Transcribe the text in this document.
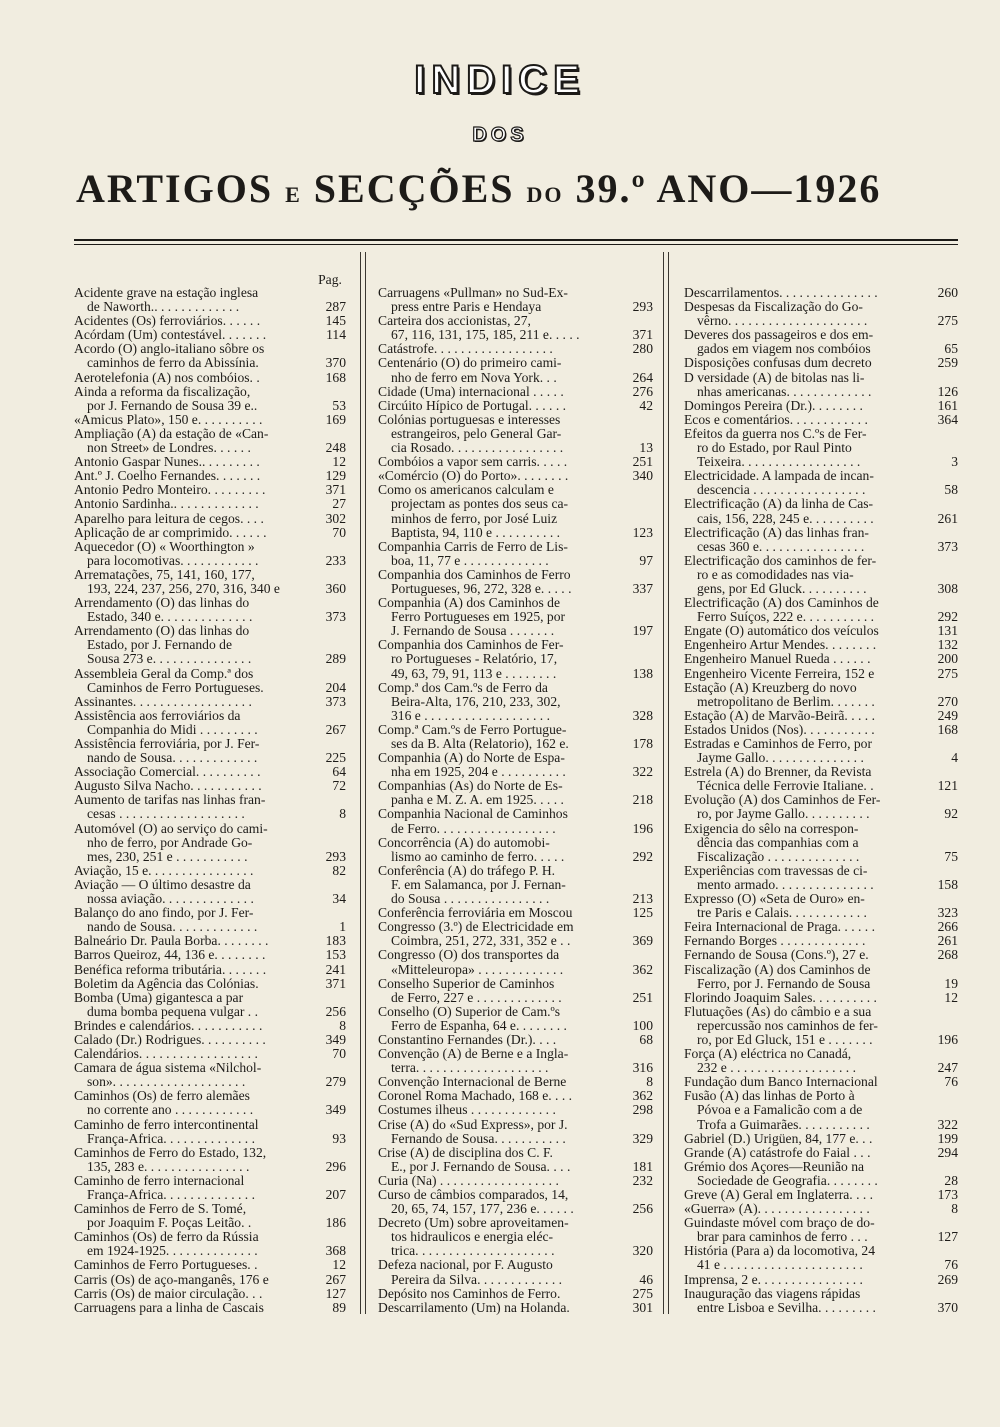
INDICE
DOS
ARTIGOS E SECÇÕES DO 39.º ANO—1926
Pag.
Acidente grave na estação inglesa
de Naworth.. . . . . . . . . . . . .	287
Acidentes (Os) ferroviários. . . . . .	145
Acórdam (Um) contestável. . . . . . .	114
Acordo (O) anglo-italiano sôbre os
caminhos de ferro da Abissínia.	370
Aerotelefonia (A) nos combóios. .	168
Ainda a reforma da fiscalização,
por J. Fernando de Sousa 39 e..	53
«Amicus Plato», 150 e. . . . . . . . . .	169
Ampliação (A) da estação de «Can-
non Street» de Londres. . . . . .	248
Antonio Gaspar Nunes.. . . . . . . . .	12
Ant.º J. Coelho Fernandes. . . . . . .	129
Antonio Pedro Monteiro. . . . . . . . .	371
Antonio Sardinha.. . . . . . . . . . . . .	27
Aparelho para leitura de cegos. . . .	302
Aplicação de ar comprimido. . . . . .	70
Aquecedor (O) « Woorthington »
para locomotivas. . . . . . . . . . . .	233
Arrematações, 75, 141, 160, 177,
193, 224, 237, 256, 270, 316, 340 e	360
Arrendamento (O) das linhas do
Estado, 340 e. . . . . . . . . . . . . .	373
Arrendamento (O) das linhas do
Estado, por J. Fernando de
Sousa 273 e. . . . . . . . . . . . . . .	289
Assembleia Geral da Comp.ª dos
Caminhos de Ferro Portugueses.	204
Assinantes. . . . . . . . . . . . . . . . . .	373
Assistência aos ferroviários da
Companhia do Midi . . . . . . . . .	267
Assistência ferroviária, por J. Fer-
nando de Sousa. . . . . . . . . . . . .	225
Associação Comercial. . . . . . . . . .	64
Augusto Silva Nacho. . . . . . . . . . .	72
Aumento de tarifas nas linhas fran-
cesas . . . . . . . . . . . . . . . . . . .	8
Automóvel (O) ao serviço do cami-
nho de ferro, por Andrade Go-
mes, 230, 251 e . . . . . . . . . . .	293
Aviação, 15 e. . . . . . . . . . . . . . . .	82
Aviação — O último desastre da
nossa aviação. . . . . . . . . . . . . .	34
Balanço do ano findo, por J. Fer-
nando de Sousa. . . . . . . . . . . . .	1
Balneário Dr. Paula Borba. . . . . . . .	183
Barros Queiroz, 44, 136 e. . . . . . . .	153
Benéfica reforma tributária. . . . . . .	241
Boletim da Agência das Colónias.	371
Bomba (Uma) gigantesca a par
duma bomba pequena vulgar . .	256
Brindes e calendários. . . . . . . . . . .	8
Calado (Dr.) Rodrigues. . . . . . . . . .	349
Calendários. . . . . . . . . . . . . . . . . .	70
Camara de água sistema «Nilchol-
son». . . . . . . . . . . . . . . . . . . .	279
Caminhos (Os) de ferro alemães
no corrente ano . . . . . . . . . . . .	349
Caminho de ferro intercontinental
França-Africa. . . . . . . . . . . . . .	93
Caminhos de Ferro do Estado, 132,
135, 283 e. . . . . . . . . . . . . . . .	296
Caminho de ferro internacional
França-Africa. . . . . . . . . . . . . .	207
Caminhos de Ferro de S. Tomé,
por Joaquim F. Poças Leitão. .	186
Caminhos (Os) de ferro da Rússia
em 1924-1925. . . . . . . . . . . . . .	368
Caminhos de Ferro Portugueses. .	12
Carris (Os) de aço-manganês, 176 e	267
Carris (Os) de maior circulação. . .	127
Carruagens para a linha de Cascais	89
Carruagens «Pullman» no Sud-Ex-
press entre Paris e Hendaya	293
Carteira dos accionistas, 27,
67, 116, 131, 175, 185, 211 e. . . . .	371
Catástrofe. . . . . . . . . . . . . . . . . .	280
Centenário (O) do primeiro cami-
nho de ferro em Nova York. . .	264
Cidade (Uma) internacional . . . . .	276
Circúito Hípico de Portugal. . . . . .	42
Colónias portuguesas e interesses
estrangeiros, pelo General Gar-
cia Rosado. . . . . . . . . . . . . . . . .	13
Combóios a vapor sem carris. . . . .	251
«Comércio (O) do Porto». . . . . . . .	340
Como os americanos calculam e
projectam as pontes dos seus ca-
minhos de ferro, por José Luiz
Baptista, 94, 110 e . . . . . . . . . .	123
Companhia Carris de Ferro de Lis-
boa, 11, 77 e . . . . . . . . . . . . .	97
Companhia dos Caminhos de Ferro
Portugueses, 96, 272, 328 e. . . . .	337
Companhia (A) dos Caminhos de
Ferro Portugueses em 1925, por
J. Fernando de Sousa . . . . . . .	197
Companhia dos Caminhos de Fer-
ro Portugueses - Relatório, 17,
49, 63, 79, 91, 113 e . . . . . . . .	138
Comp.ª dos Cam.ºs de Ferro da
Beira-Alta, 176, 210, 233, 302,
316 e . . . . . . . . . . . . . . . . . . .	328
Comp.ª Cam.ºs de Ferro Portugue-
ses da B. Alta (Relatorio), 162 e.	178
Companhia (A) do Norte de Espa-
nha em 1925, 204 e . . . . . . . . . .	322
Companhias (As) do Norte de Es-
panha e M. Z. A. em 1925. . . . .	218
Companhia Nacional de Caminhos
de Ferro. . . . . . . . . . . . . . . . . .	196
Concorrência (A) do automobi-
lismo ao caminho de ferro. . . . .	292
Conferência (A) do tráfego P. H.
F. em Salamanca, por J. Fernan-
do Sousa . . . . . . . . . . . . . . . .	213
Conferência ferroviária em Moscou	125
Congresso (3.º) de Electricidade em
Coimbra, 251, 272, 331, 352 e . .	369
Congresso (O) dos transportes da
«Mitteleuropa» . . . . . . . . . . . . .	362
Conselho Superior de Caminhos
de Ferro, 227 e . . . . . . . . . . . . .	251
Conselho (O) Superior de Cam.ºs
Ferro de Espanha, 64 e. . . . . . . .	100
Constantino Fernandes (Dr.). . . .	68
Convenção (A) de Berne e a Ingla-
terra. . . . . . . . . . . . . . . . . . . .	316
Convenção Internacional de Berne	8
Coronel Roma Machado, 168 e. . . .	362
Costumes ilheus . . . . . . . . . . . . .	298
Crise (A) do «Sud Express», por J.
Fernando de Sousa. . . . . . . . . . .	329
Crise (A) de disciplina dos C. F.
E., por J. Fernando de Sousa. . . .	181
Curia (Na) . . . . . . . . . . . . . . . . . .	232
Curso de câmbios comparados, 14,
20, 65, 74, 157, 177, 236 e. . . . . .	256
Decreto (Um) sobre aproveitamen-
tos hidraulicos e energia eléc-
trica. . . . . . . . . . . . . . . . . . . . .	320
Defeza nacional, por F. Augusto
Pereira da Silva. . . . . . . . . . . . .	46
Depósito nos Caminhos de Ferro.	275
Descarrilamento (Um) na Holanda.	301
Descarrilamentos. . . . . . . . . . . . . . .	260
Despesas da Fiscalização do Go-
vêrno. . . . . . . . . . . . . . . . . . . . .	275
Deveres dos passageiros e dos em-
gados em viagem nos combóios	65
Disposições confusas dum decreto	259
D versidade (A) de bitolas nas li-
nhas americanas. . . . . . . . . . . . .	126
Domingos Pereira (Dr.). . . . . . . .	161
Ecos e comentários. . . . . . . . . . . .	364
Efeitos da guerra nos C.ºs de Fer-
ro do Estado, por Raul Pinto
Teixeira. . . . . . . . . . . . . . . . . .	3
Electricidade. A lampada de incan-
descencia . . . . . . . . . . . . . . . . .	58
Electrificação (A) da linha de Cas-
cais, 156, 228, 245 e. . . . . . . . . .	261
Electrificação (A) das linhas fran-
cesas 360 e. . . . . . . . . . . . . . . .	373
Electrificação dos caminhos de fer-
ro e as comodidades nas via-
gens, por Ed Gluck. . . . . . . . . .	308
Electrificação (A) dos Caminhos de
Ferro Suíços, 222 e. . . . . . . . . . .	292
Engate (O) automático dos veículos	131
Engenheiro Artur Mendes. . . . . . . .	132
Engenheiro Manuel Rueda . . . . . .	200
Engenheiro Vicente Ferreira, 152 e	275
Estação (A) Kreuzberg do novo
metropolitano de Berlim. . . . . . .	270
Estação (A) de Marvão-Beirã. . . . .	249
Estados Unidos (Nos). . . . . . . . . . .	168
Estradas e Caminhos de Ferro, por
Jayme Gallo. . . . . . . . . . . . . . .	4
Estrela (A) do Brenner, da Revista
Técnica delle Ferrovie Italiane. .	121
Evolução (A) dos Caminhos de Fer-
ro, por Jayme Gallo. . . . . . . . . .	92
Exigencia do sêlo na correspon-
dência das companhias com a
Fiscalização . . . . . . . . . . . . . .	75
Experiências com travessas de ci-
mento armado. . . . . . . . . . . . . . .	158
Expresso (O) «Seta de Ouro» en-
tre Paris e Calais. . . . . . . . . . . .	323
Feira Internacional de Praga. . . . . .	266
Fernando Borges . . . . . . . . . . . . .	261
Fernando de Sousa (Cons.º), 27 e.	268
Fiscalização (A) dos Caminhos de
Ferro, por J. Fernando de Sousa	19
Florindo Joaquim Sales. . . . . . . . . .	12
Flutuações (As) do câmbio e a sua
repercussão nos caminhos de fer-
ro, por Ed Gluck, 151 e . . . . . . .	196
Força (A) eléctrica no Canadá,
232 e . . . . . . . . . . . . . . . . . . .	247
Fundação dum Banco Internacional	76
Fusão (A) das linhas de Porto à
Póvoa e a Famalicão com a de
Trofa a Guimarães. . . . . . . . . . .	322
Gabriel (D.) Urigüen, 84, 177 e. . .	199
Grande (A) catástrofe do Faial . . .	294
Grémio dos Açores—Reunião na
Sociedade de Geografia. . . . . . . .	28
Greve (A) Geral em Inglaterra. . . .	173
«Guerra» (A). . . . . . . . . . . . . . . . .	8
Guindaste móvel com braço de do-
brar para caminhos de ferro . . .	127
História (Para a) da locomotiva, 24
41 e . . . . . . . . . . . . . . . . . . . . .	76
Imprensa, 2 e. . . . . . . . . . . . . . . .	269
Inauguração das viagens rápidas
entre Lisboa e Sevilha. . . . . . . . .	370
